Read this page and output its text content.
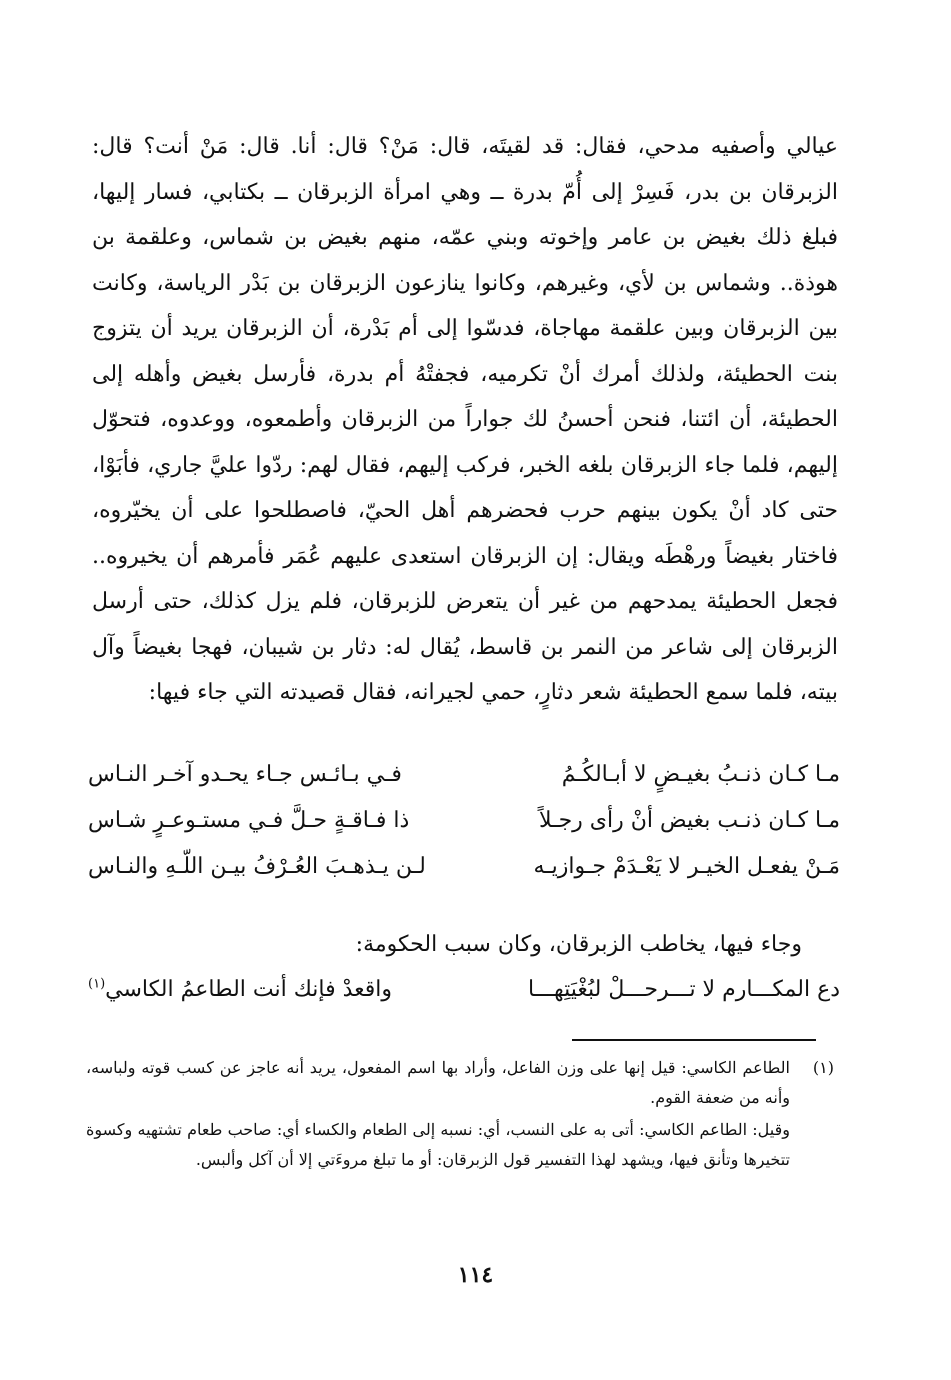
عيالي وأصفيه مدحي، فقال: قد لقيتَه، قال: مَنْ؟ قال: أنا. قال: مَنْ أنت؟ قال: الزبرقان بن بدر، فَسِرْ إلى أُمّ بدرة ــ وهي امرأة الزبرقان ــ بكتابي، فسار إليها، فبلغ ذلك بغيض بن عامر وإخوته وبني عمّه، منهم بغيض بن شماس، وعلقمة بن هوذة.. وشماس بن لأي، وغيرهم، وكانوا ينازعون الزبرقان بن بَدْر الرياسة، وكانت بين الزبرقان وبين علقمة مهاجاة، فدسّوا إلى أم بَدْرة، أن الزبرقان يريد أن يتزوج بنت الحطيئة، ولذلك أمرك أنْ تكرميه، فجفتْهُ أم بدرة، فأرسل بغيض وأهله إلى الحطيئة، أن ائتنا، فنحن أحسنُ لك جواراً من الزبرقان وأطمعوه، ووعدوه، فتحوّل إليهم، فلما جاء الزبرقان بلغه الخبر، فركب إليهم، فقال لهم: ردّوا عليَّ جاري، فأبَوْا، حتى كاد أنْ يكون بينهم حرب فحضرهم أهل الحيّ، فاصطلحوا على أن يخيّروه، فاختار بغيضاً ورهْطَه ويقال: إن الزبرقان استعدى عليهم عُمَر فأمرهم أن يخيروه.. فجعل الحطيئة يمدحهم من غير أن يتعرض للزبرقان، فلم يزل كذلك، حتى أرسل الزبرقان إلى شاعر من النمر بن قاسط، يُقال له: دثار بن شيبان، فهجا بغيضاً وآل بيته، فلما سمع الحطيئة شعر دثارٍ، حمي لجيرانه، فقال قصيدته التي جاء فيها:

مـا كـان ذنـبُ بغيـضٍ لا أبـالكُـمُ
فـي بـائـس جـاء يحـدو آخـر النـاس
مـا كـان ذنـب بغيض أنْ رأى رجـلاً
ذا فـاقـةٍ حـلَّ فـي مستـوعـرٍ شـاس
مَـنْ يفعـل الخيـر لا يَعْـدَمْ جـوازيـه
لـن يـذهـبَ العُـرْفُ بيـن اللّـهِ والنـاس
وجاء فيها، يخاطب الزبرقان، وكان سبب الحكومة:
دع المكـــارم لا تـــرحـــلْ لبُغْيَتِهـــا
واقعدْ فإنك أنت الطاعمُ الكاسي$^{(١)}$
(١)
الطاعم الكاسي: قيل إنها على وزن الفاعل، وأراد بها اسم المفعول، يريد أنه عاجز عن كسب قوته ولباسه، وأنه من ضعفة القوم.
وقيل: الطاعم الكاسي: أتى به على النسب، أي: نسبه إلى الطعام والكساء أي: صاحب طعام تشتهيه وكسوة تتخيرها وتأنق فيها، ويشهد لهذا التفسير قول الزبرقان: أو ما تبلغ مروءَتي إلا أن آكل وألبس.
١١٤
